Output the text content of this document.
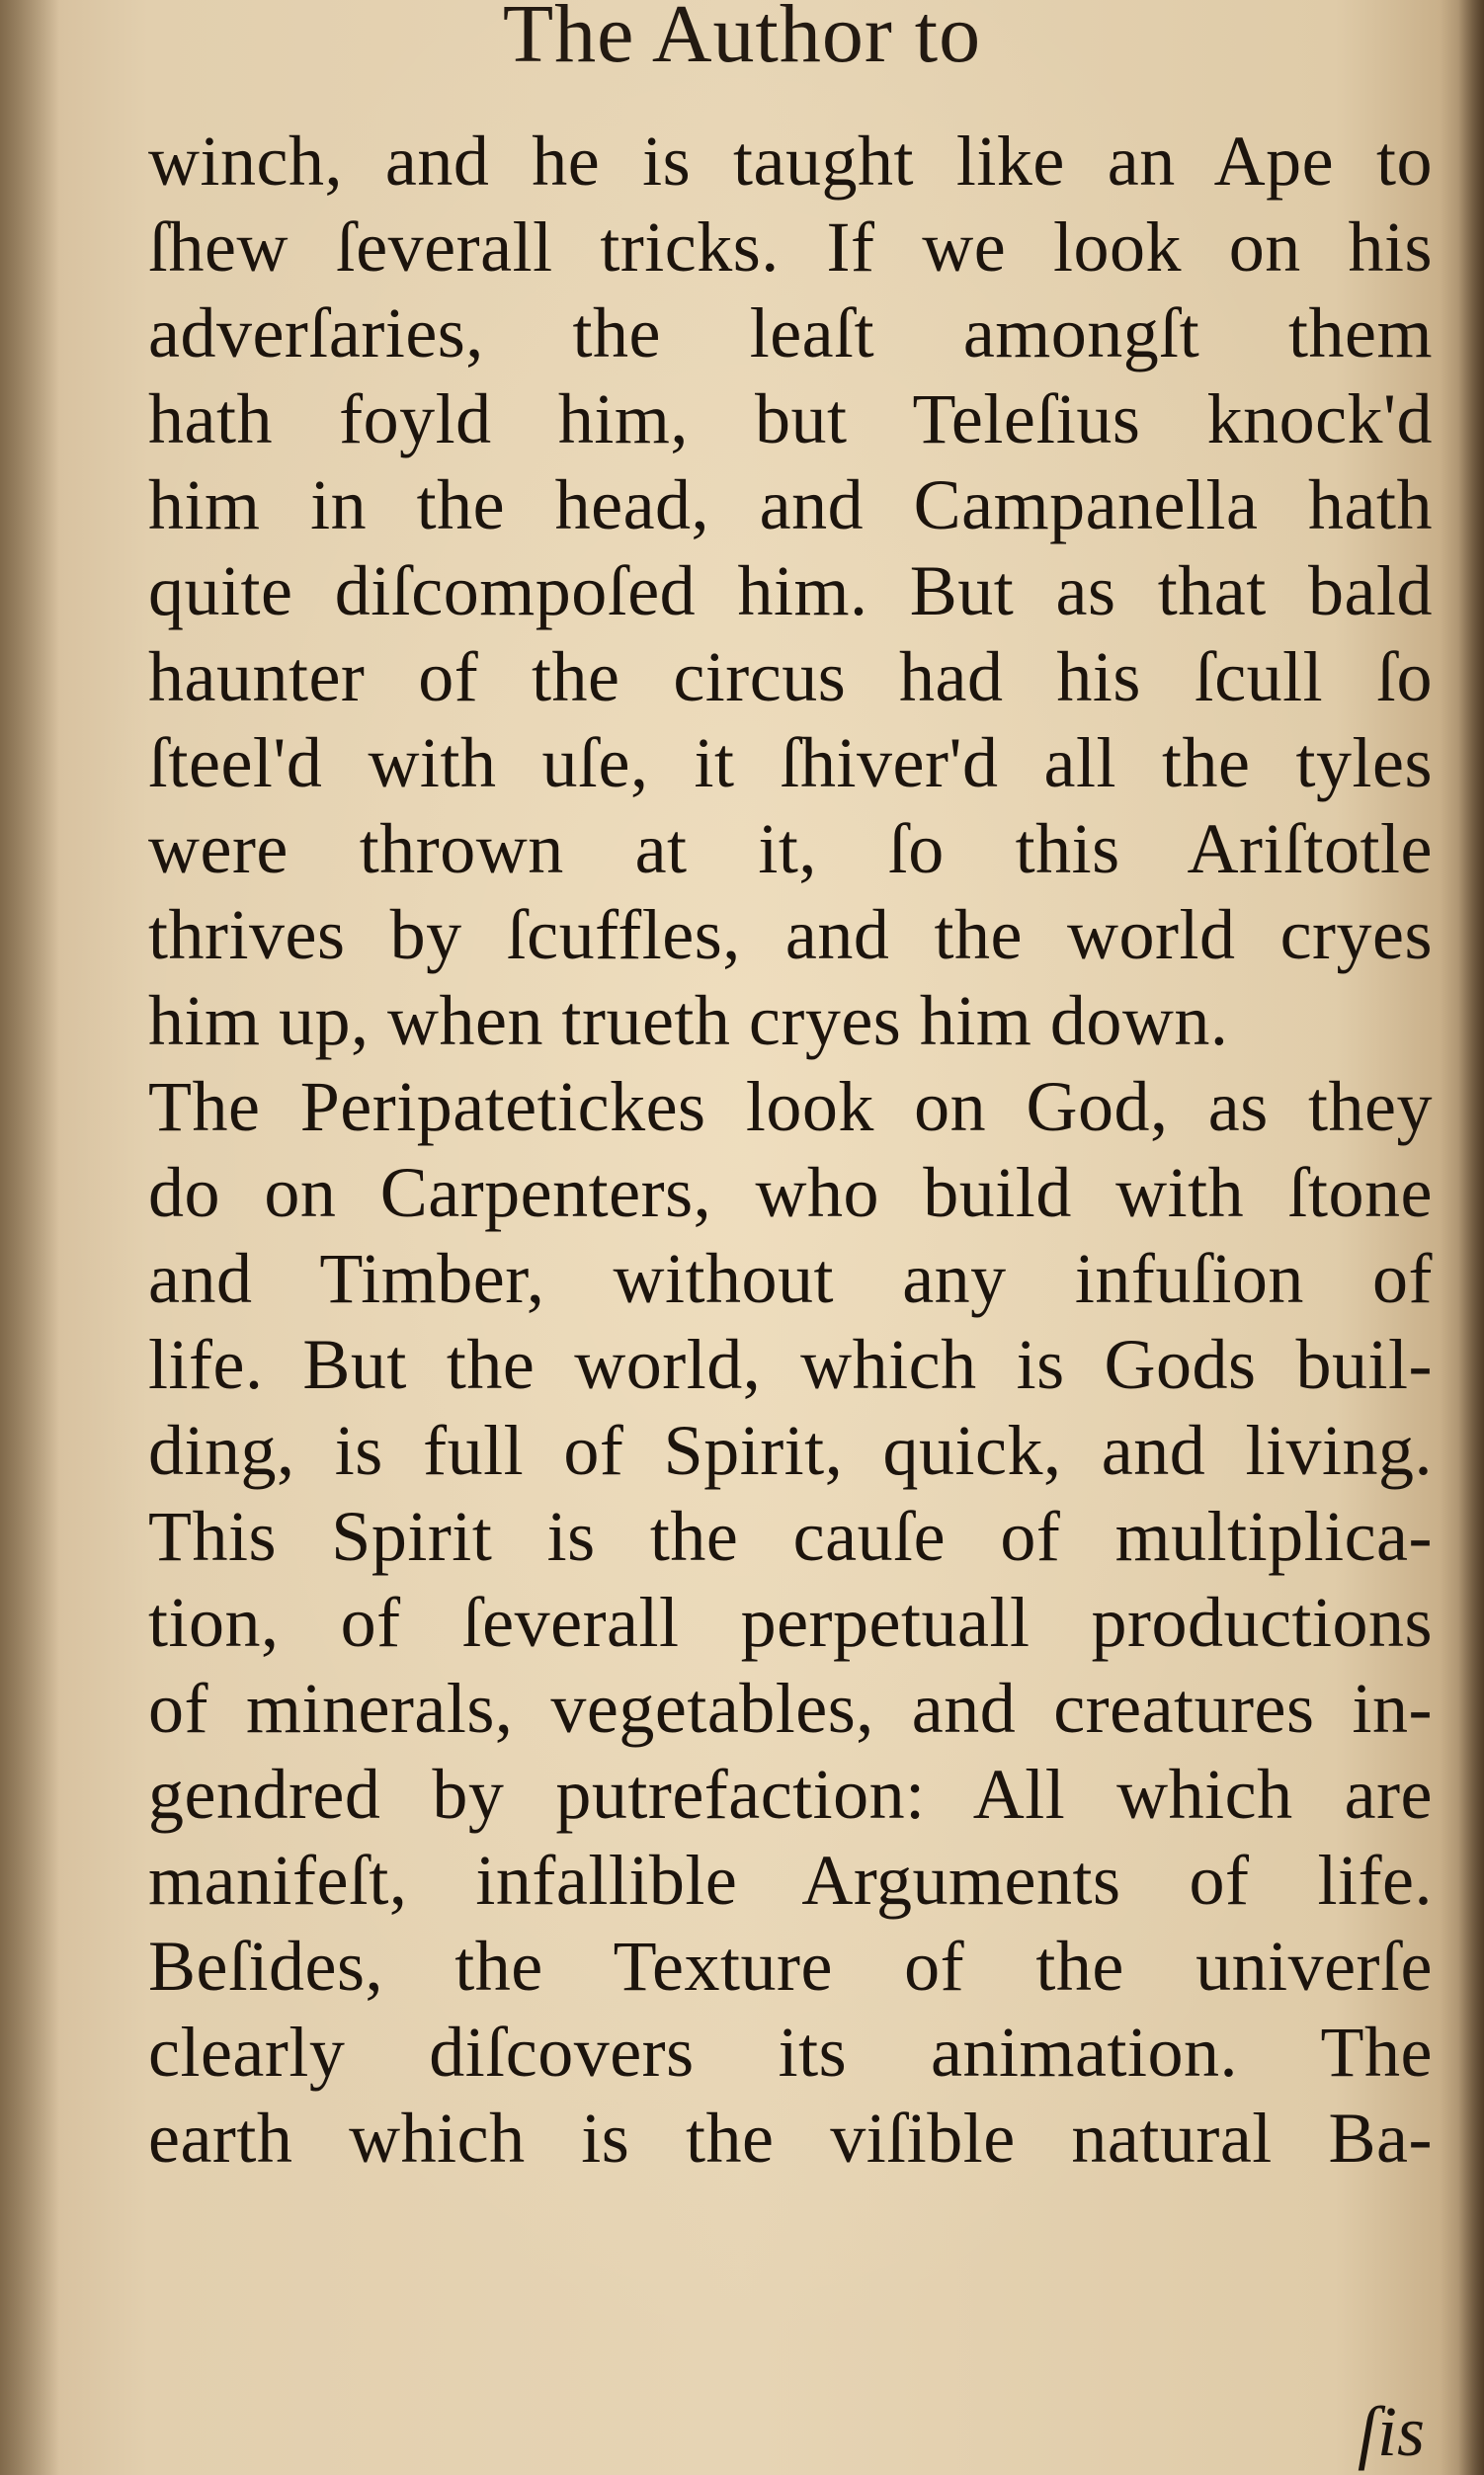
The Author to
winch, and he is taught like an Ape to
ſhew ſeverall tricks. If we look on his
adverſaries, the leaſt amongſt them
hath foyld him, but Teleſius knock'd
him in the head, and Campanella hath
quite diſcompoſed him. But as that bald
haunter of the circus had his ſcull ſo
ſteel'd with uſe, it ſhiver'd all the tyles
were thrown at it, ſo this Ariſtotle
thrives by ſcuffles, and the world cryes
him up, when trueth cryes him down.
The Peripatetickes look on God, as they
do on Carpenters, who build with ſtone
and Timber, without any infuſion of
life. But the world, which is Gods buil-
ding, is full of Spirit, quick, and living.
This Spirit is the cauſe of multiplica-
tion, of ſeverall perpetuall productions
of minerals, vegetables, and creatures in-
gendred by putrefaction: All which are
manifeſt, infallible Arguments of life.
Beſides, the Texture of the univerſe
clearly diſcovers its animation. The
earth which is the viſible natural Ba-
ſis
